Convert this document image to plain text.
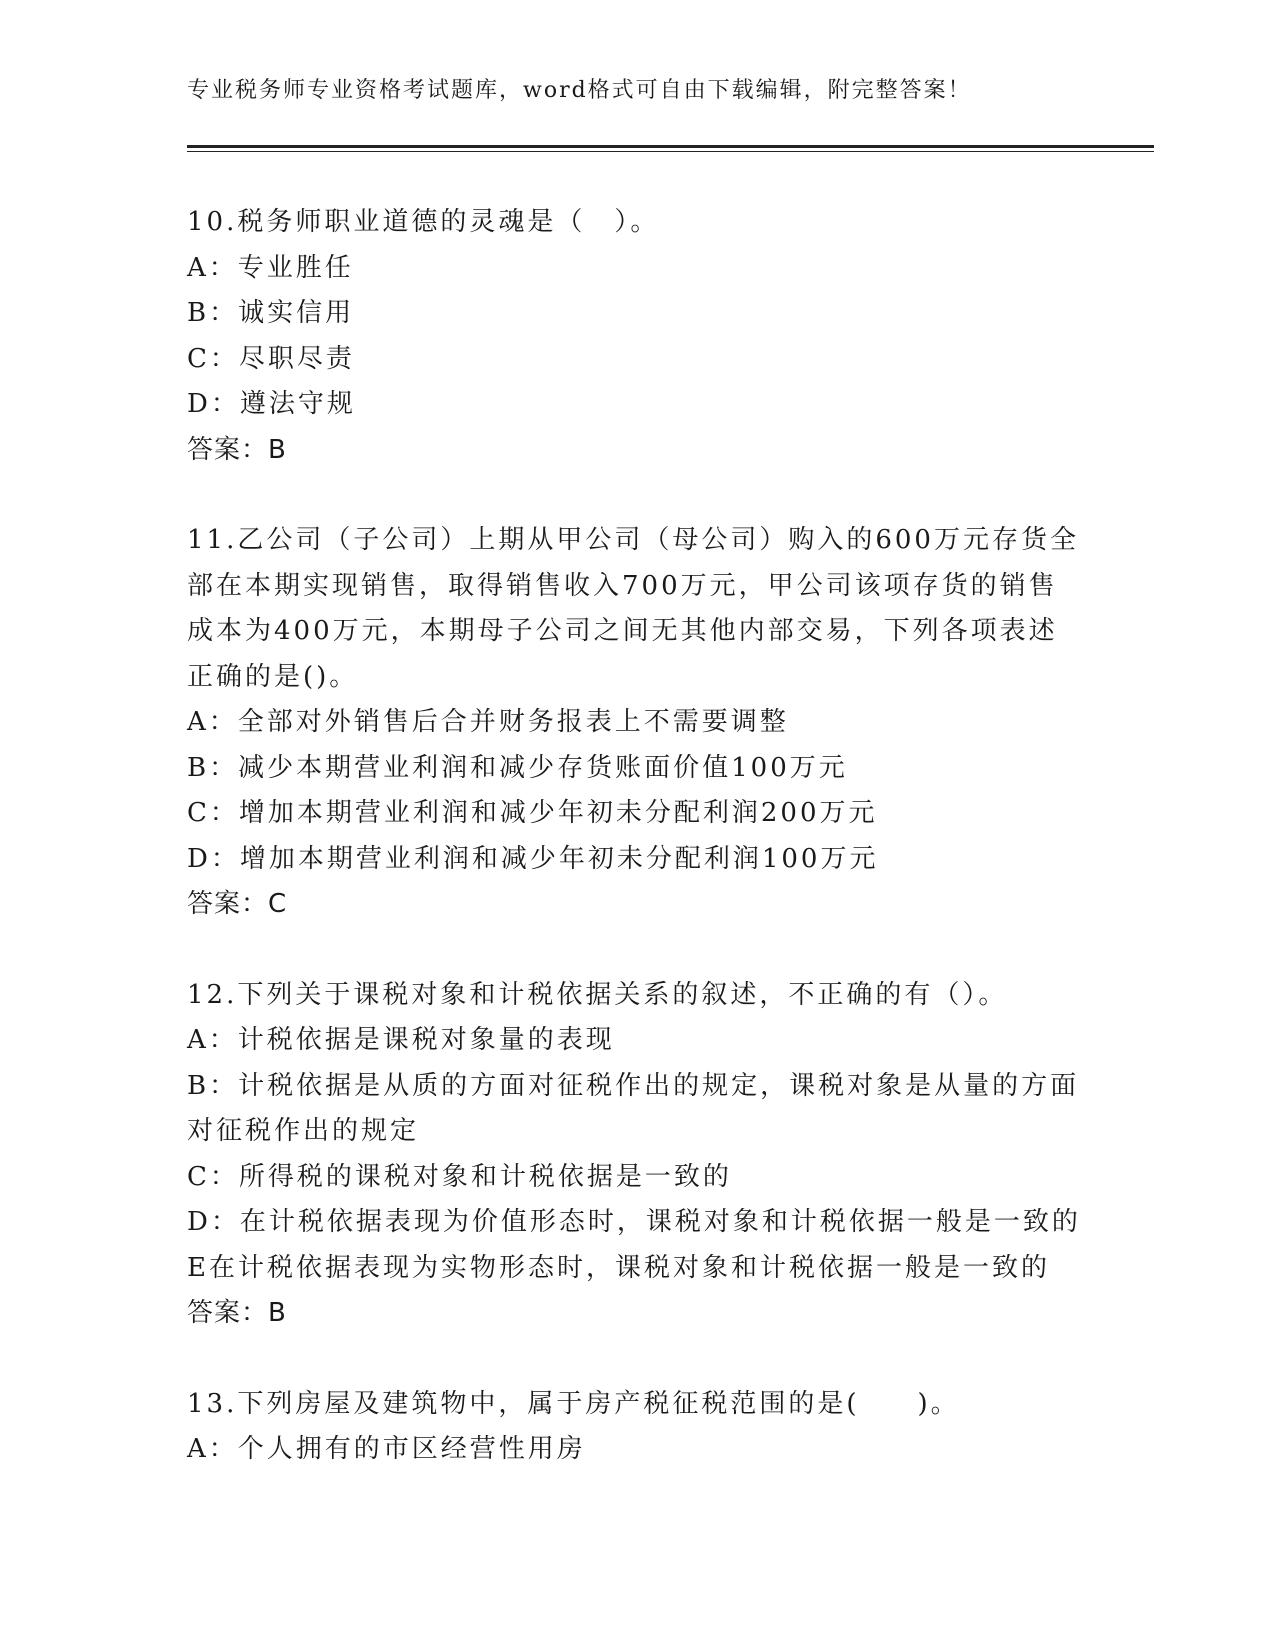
专业税务师专业资格考试题库，word格式可自由下载编辑，附完整答案！
10.税务师职业道德的灵魂是（　）。
A：专业胜任
B：诚实信用
C：尽职尽责
D：遵法守规
答案：B
11.乙公司（子公司）上期从甲公司（母公司）购入的600万元存货全
部在本期实现销售，取得销售收入700万元，甲公司该项存货的销售
成本为400万元，本期母子公司之间无其他内部交易，下列各项表述
正确的是()。
A：全部对外销售后合并财务报表上不需要调整
B：减少本期营业利润和减少存货账面价值100万元
C：增加本期营业利润和减少年初未分配利润200万元
D：增加本期营业利润和减少年初未分配利润100万元
答案：C
12.下列关于课税对象和计税依据关系的叙述，不正确的有（）。
A：计税依据是课税对象量的表现
B：计税依据是从质的方面对征税作出的规定，课税对象是从量的方面
对征税作出的规定
C：所得税的课税对象和计税依据是一致的
D：在计税依据表现为价值形态时，课税对象和计税依据一般是一致的
E在计税依据表现为实物形态时，课税对象和计税依据一般是一致的
答案：B
13.下列房屋及建筑物中，属于房产税征税范围的是(　　)。
A：个人拥有的市区经营性用房
